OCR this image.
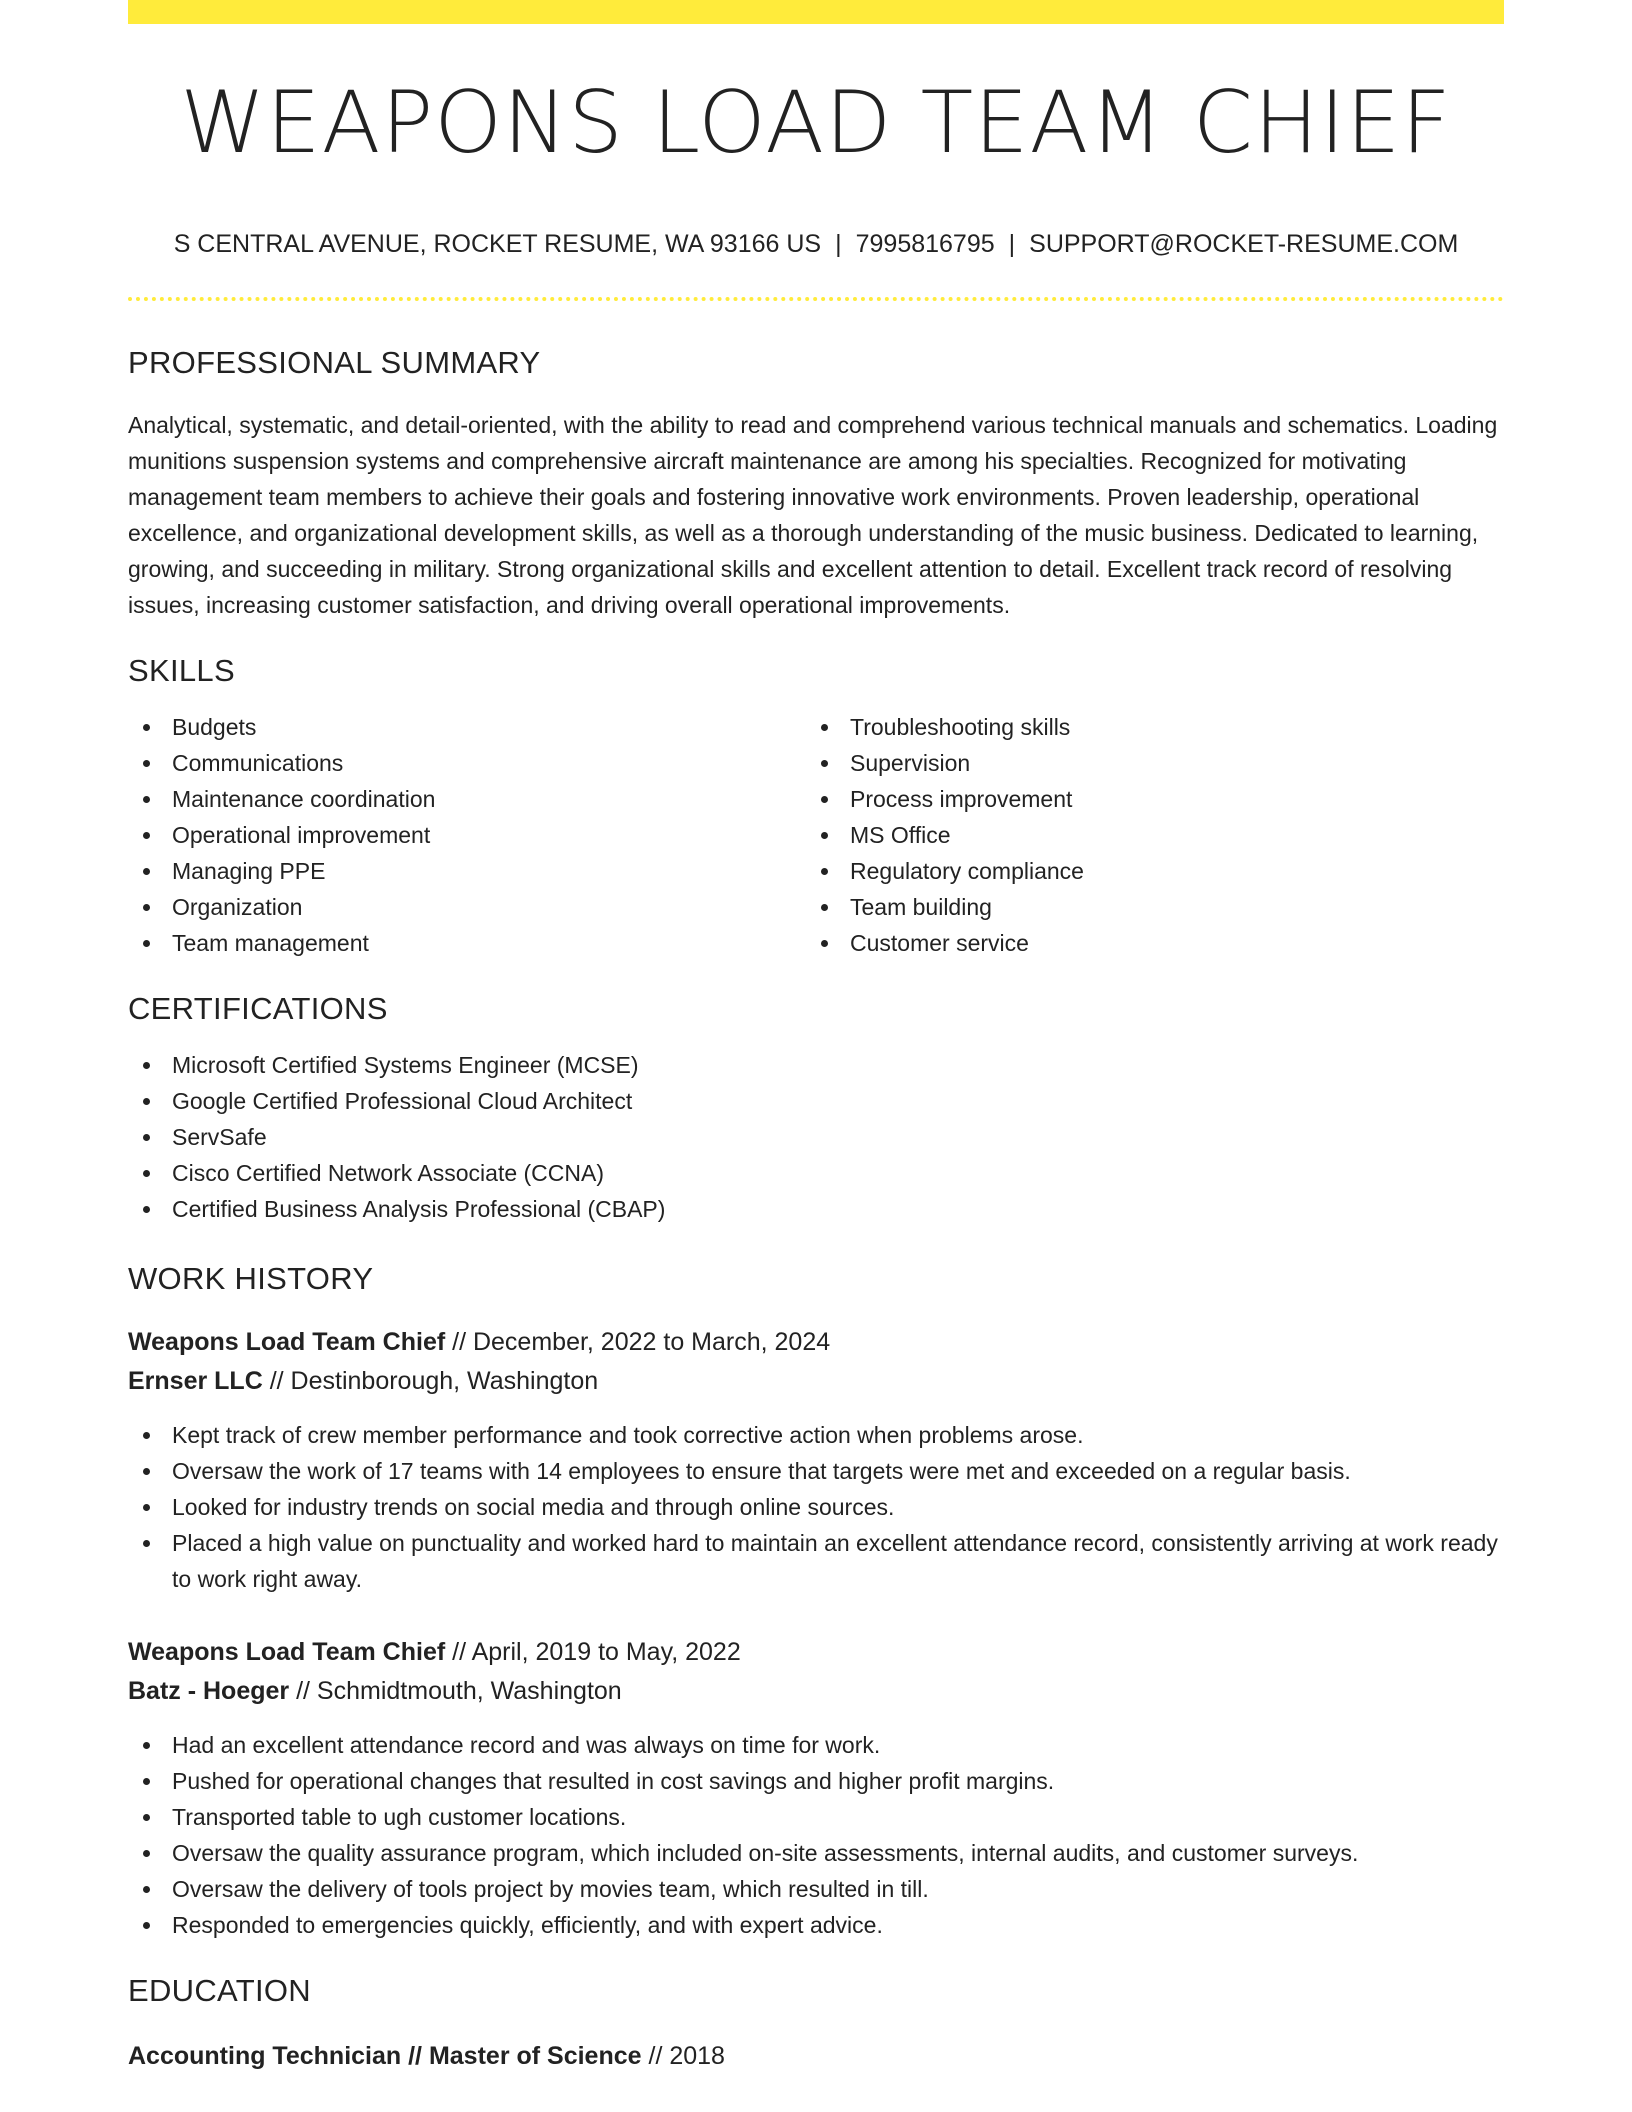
WEAPONS LOAD TEAM CHIEF
S CENTRAL AVENUE, ROCKET RESUME, WA 93166 US | 7995816795 | SUPPORT@ROCKET-RESUME.COM
PROFESSIONAL SUMMARY

Analytical, systematic, and detail-oriented, with the ability to read and comprehend various technical manuals and schematics. Loading munitions suspension systems and comprehensive aircraft maintenance are among his specialties. Recognized for motivating management team members to achieve their goals and fostering innovative work environments. Proven leadership, operational excellence, and organizational development skills, as well as a thorough understanding of the music business. Dedicated to learning, growing, and succeeding in military. Strong organizational skills and excellent attention to detail. Excellent track record of resolving issues, increasing customer satisfaction, and driving overall operational improvements.

SKILLS
Budgets
Communications
Maintenance coordination
Operational improvement
Managing PPE
Organization
Team management
Troubleshooting skills
Supervision
Process improvement
MS Office
Regulatory compliance
Team building
Customer service
CERTIFICATIONS
Microsoft Certified Systems Engineer (MCSE)
Google Certified Professional Cloud Architect
ServSafe
Cisco Certified Network Associate (CCNA)
Certified Business Analysis Professional (CBAP)
WORK HISTORY
Weapons Load Team Chief // December, 2022 to March, 2024
Ernser LLC // Destinborough, Washington
Kept track of crew member performance and took corrective action when problems arose.
Oversaw the work of 17 teams with 14 employees to ensure that targets were met and exceeded on a regular basis.
Looked for industry trends on social media and through online sources.
Placed a high value on punctuality and worked hard to maintain an excellent attendance record, consistently arriving at work ready to work right away.
Weapons Load Team Chief // April, 2019 to May, 2022
Batz - Hoeger // Schmidtmouth, Washington
Had an excellent attendance record and was always on time for work.
Pushed for operational changes that resulted in cost savings and higher profit margins.
Transported table to ugh customer locations.
Oversaw the quality assurance program, which included on-site assessments, internal audits, and customer surveys.
Oversaw the delivery of tools project by movies team, which resulted in till.
Responded to emergencies quickly, efficiently, and with expert advice.
EDUCATION
Accounting Technician // Master of Science // 2018
